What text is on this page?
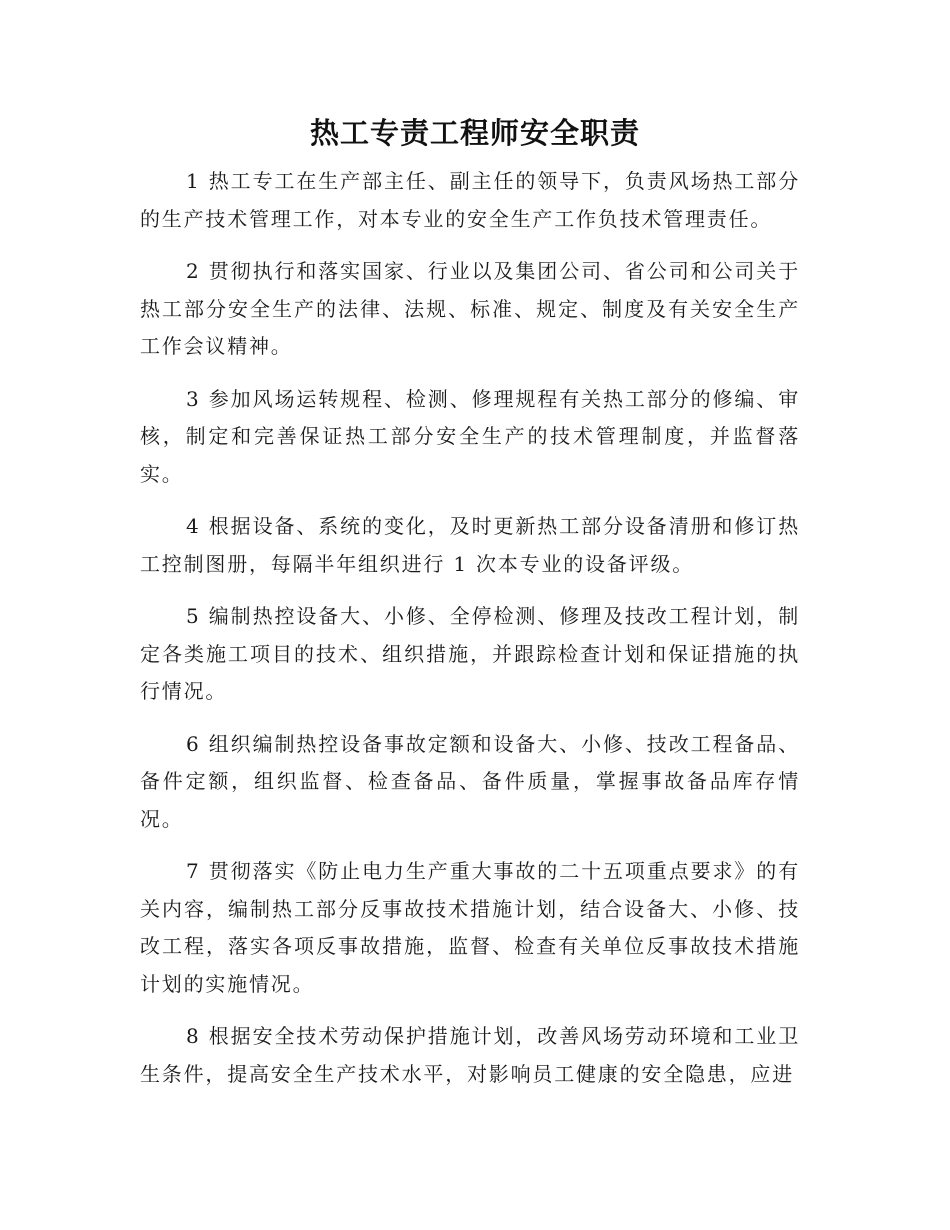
热工专责工程师安全职责

1 热工专工在生产部主任、副主任的领导下，负责风场热工部分的生产技术管理工作，对本专业的安全生产工作负技术管理责任。

2 贯彻执行和落实国家、行业以及集团公司、省公司和公司关于热工部分安全生产的法律、法规、标准、规定、制度及有关安全生产工作会议精神。

3 参加风场运转规程、检测、修理规程有关热工部分的修编、审核，制定和完善保证热工部分安全生产的技术管理制度，并监督落实。

4 根据设备、系统的变化，及时更新热工部分设备清册和修订热工控制图册，每隔半年组织进行 1 次本专业的设备评级。

5 编制热控设备大、小修、全停检测、修理及技改工程计划，制定各类施工项目的技术、组织措施，并跟踪检查计划和保证措施的执行情况。

6 组织编制热控设备事故定额和设备大、小修、技改工程备品、备件定额，组织监督、检查备品、备件质量，掌握事故备品库存情况。

7 贯彻落实《防止电力生产重大事故的二十五项重点要求》的有关内容，编制热工部分反事故技术措施计划，结合设备大、小修、技改工程，落实各项反事故措施，监督、检查有关单位反事故技术措施计划的实施情况。

8 根据安全技术劳动保护措施计划，改善风场劳动环境和工业卫生条件，提高安全生产技术水平，对影响员工健康的安全隐患，应进
